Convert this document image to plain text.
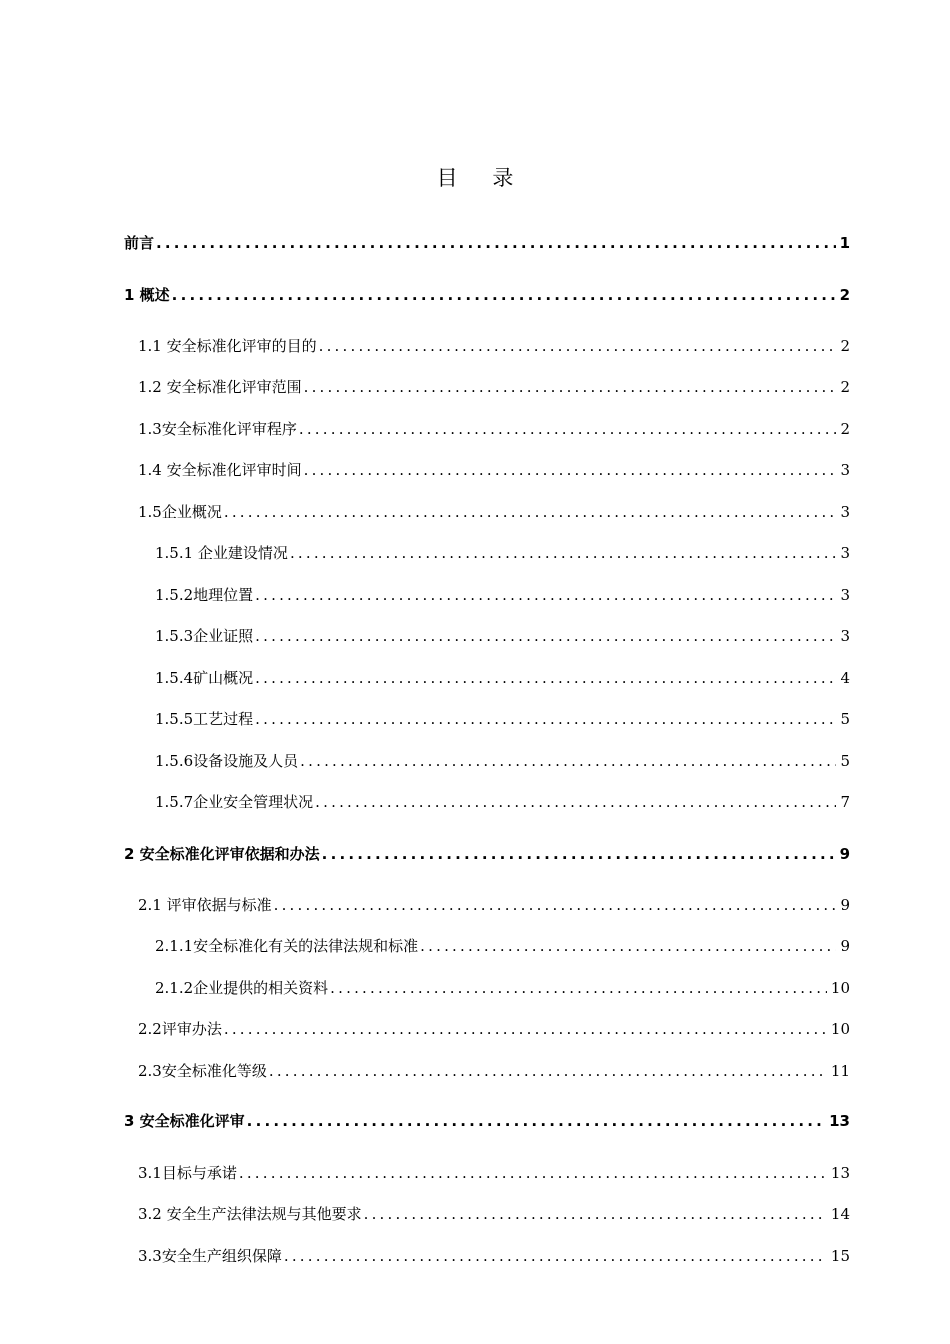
目 录
前言 .....	1
1 概述 .....	2
1.1 安全标准化评审的目的 .....	2
1.2 安全标准化评审范围 .....	2
1.3安全标准化评审程序 .....	2
1.4 安全标准化评审时间 .....	3
1.5企业概况 .....	3
1.5.1 企业建设情况 .....	3
1.5.2地理位置 .....	3
1.5.3企业证照 .....	3
1.5.4矿山概况 .....	4
1.5.5工艺过程 .....	5
1.5.6设备设施及人员 .....	5
1.5.7企业安全管理状况 .....	7
2 安全标准化评审依据和办法 .....	9
2.1 评审依据与标准 .....	9
2.1.1安全标准化有关的法律法规和标准 .....	9
2.1.2企业提供的相关资料 .....	10
2.2评审办法 .....	10
2.3安全标准化等级 .....	11
3 安全标准化评审 .....	13
3.1目标与承诺 .....	13
3.2 安全生产法律法规与其他要求 .....	14
3.3安全生产组织保障 .....	15
